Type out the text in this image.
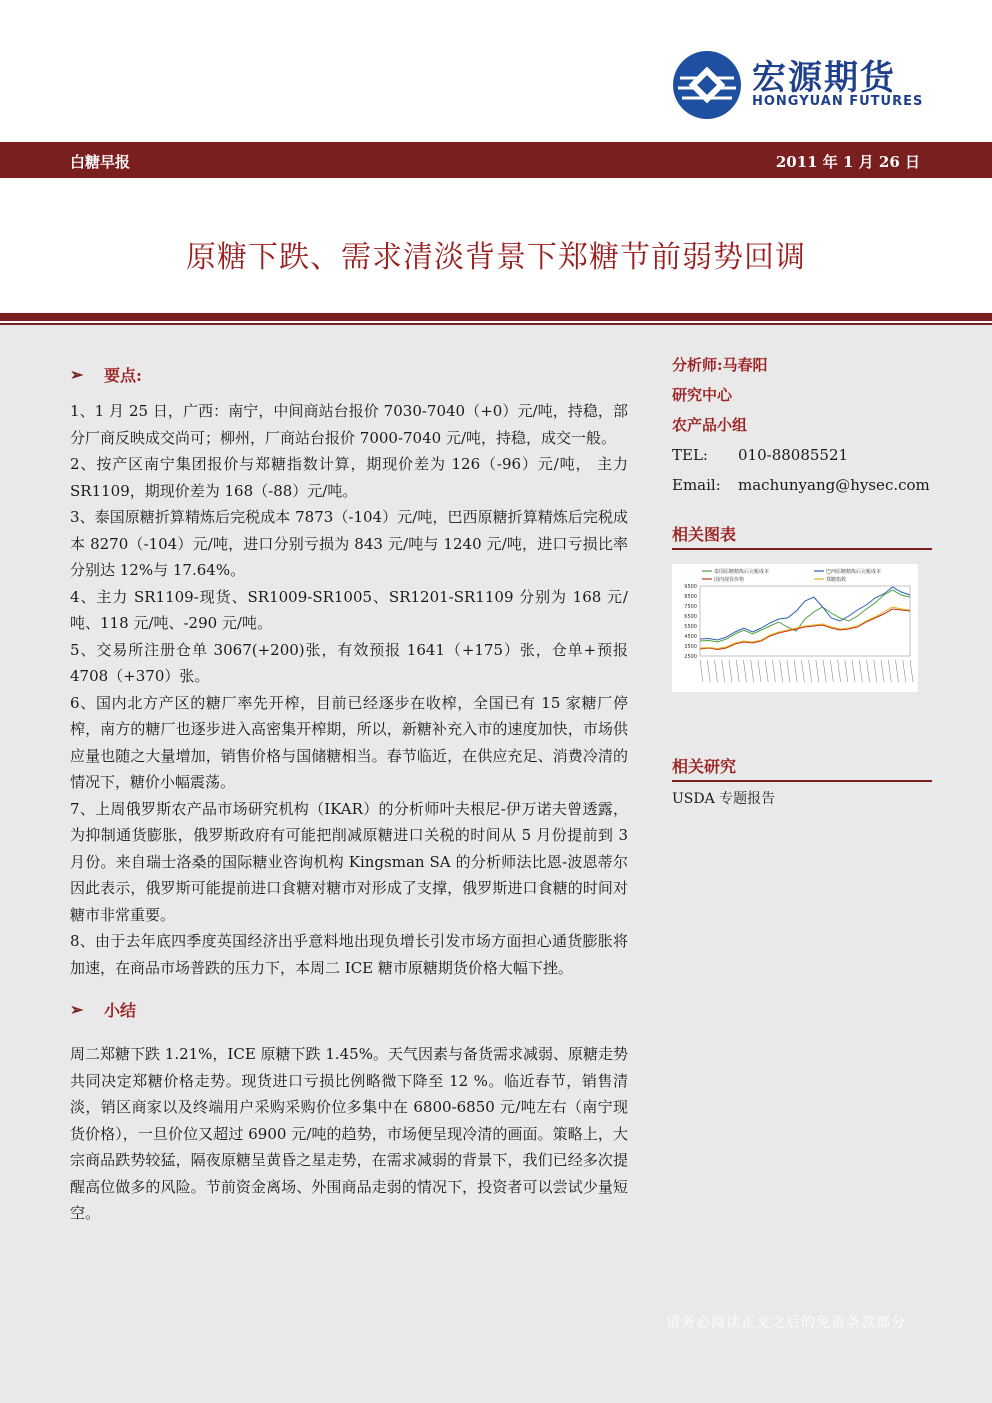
宏源期货
HONGYUAN FUTURES
白糖早报	2011 年 1 月 26 日
原糖下跌、需求清淡背景下郑糖节前弱势回调
➢	要点:

1、1 月 25 日，广西：南宁，中间商站台报价 7030-7040（+0）元/吨，持稳，部分厂商反映成交尚可；柳州，厂商站台报价 7000-7040 元/吨，持稳，成交一般。

2、按产区南宁集团报价与郑糖指数计算，期现价差为 126（-96）元/吨， 主力 SR1109，期现价差为 168（-88）元/吨。

3、泰国原糖折算精炼后完税成本 7873（-104）元/吨，巴西原糖折算精炼后完税成本 8270（-104）元/吨，进口分别亏损为 843 元/吨与 1240 元/吨，进口亏损比率分别达 12%与 17.64%。

4、主力 SR1109-现货、SR1009-SR1005、SR1201-SR1109 分别为 168 元/吨、118 元/吨、-290 元/吨。

5、交易所注册仓单 3067(+200)张，有效预报 1641（+175）张，仓单+预报 4708（+370）张。

6、国内北方产区的糖厂率先开榨，目前已经逐步在收榨，全国已有 15 家糖厂停榨，南方的糖厂也逐步进入高密集开榨期，所以，新糖补充入市的速度加快，市场供应量也随之大量增加，销售价格与国储糖相当。春节临近，在供应充足、消费冷清的情况下，糖价小幅震荡。

7、上周俄罗斯农产品市场研究机构（IKAR）的分析师叶夫根尼-伊万诺夫曾透露，为抑制通货膨胀，俄罗斯政府有可能把削减原糖进口关税的时间从 5 月份提前到 3 月份。来自瑞士洛桑的国际糖业咨询机构 Kingsman SA 的分析师法比恩-波恩蒂尔因此表示，俄罗斯可能提前进口食糖对糖市对形成了支撑，俄罗斯进口食糖的时间对糖市非常重要。

8、由于去年底四季度英国经济出乎意料地出现负增长引发市场方面担心通货膨胀将加速，在商品市场普跌的压力下，本周二 ICE 糖市原糖期货价格大幅下挫。

➢	小结

周二郑糖下跌 1.21%，ICE 原糖下跌 1.45%。天气因素与备货需求减弱、原糖走势共同决定郑糖价格走势。现货进口亏损比例略微下降至 12 %。临近春节，销售清淡，销区商家以及终端用户采购采购价位多集中在 6800-6850 元/吨左右（南宁现货价格），一旦价位又超过 6900 元/吨的趋势，市场便呈现冷清的画面。策略上，大宗商品跌势较猛，隔夜原糖呈黄昏之星走势，在需求减弱的背景下，我们已经多次提醒高位做多的风险。节前资金离场、外围商品走弱的情况下，投资者可以尝试少量短空。

分析师:马春阳
研究中心
农产品小组
TEL:	010-88085521
Email:	machunyang@hysec.com
相关图表
9500
8500
7500
6500
5500
4500
3500
2500
泰国原糖精炼后完税成本	巴西原糖精炼后完税成本
国内现货价格	郑糖指数
相关研究
USDA 专题报告
请务必阅读正文之后的免责条款部分
